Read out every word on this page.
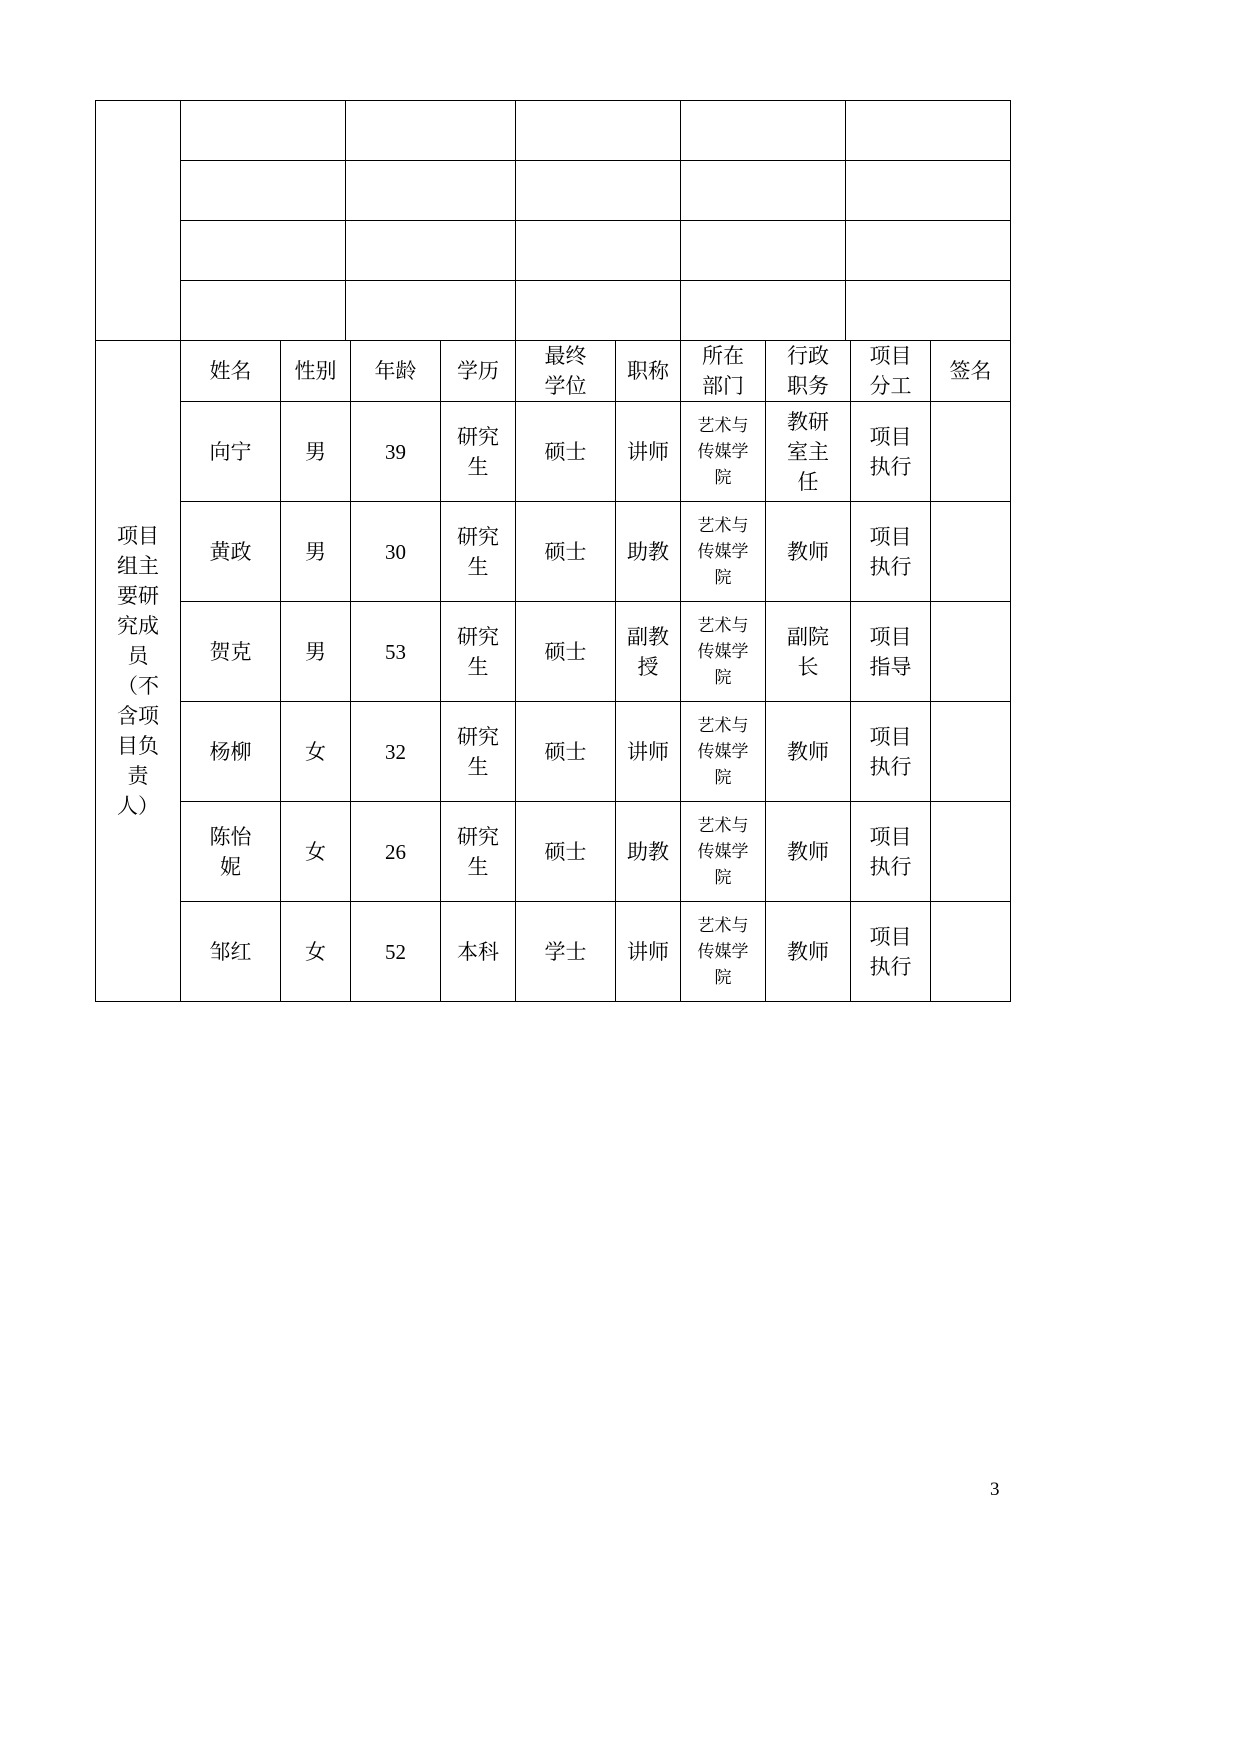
项目组主要研究成员（不含项目负责人）	姓名	性别	年龄	学历	最终学位	职称	所在部门	行政职务	项目分工	签名
	向宁	男	39	研究生	硕士	讲师	艺术与传媒学院	教研室主任	项目执行	
	黄政	男	30	研究生	硕士	助教	艺术与传媒学院	教师	项目执行	
	贺克	男	53	研究生	硕士	副教授	艺术与传媒学院	副院长	项目指导	
	杨柳	女	32	研究生	硕士	讲师	艺术与传媒学院	教师	项目执行	
	陈怡妮	女	26	研究生	硕士	助教	艺术与传媒学院	教师	项目执行	
	邹红	女	52	本科	学士	讲师	艺术与传媒学院	教师	项目执行	
3
